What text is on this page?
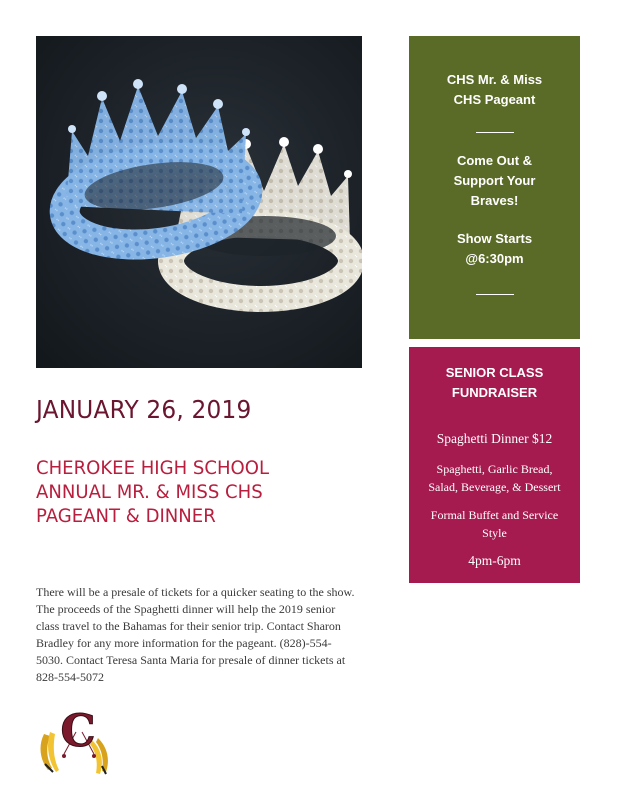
CHS Mr. & Miss
CHS Pageant
Come Out &
Support Your
Braves!
Show Starts
@6:30pm
SENIOR CLASS
FUNDRAISER
Spaghetti Dinner $12
Spaghetti, Garlic Bread,
Salad, Beverage, & Dessert
Formal Buffet and Service
Style
4pm-6pm
JANUARY 26, 2019
CHEROKEE HIGH SCHOOL
ANNUAL MR. & MISS CHS
PAGEANT & DINNER
There will be a presale of tickets for a quicker seating to the show.
The proceeds of the Spaghetti dinner will help the 2019 senior
class travel to the Bahamas for their senior trip. Contact Sharon
Bradley for any more information for the pageant. (828)-554-
5030. Contact Teresa Santa Maria for presale of dinner tickets at
828-554-5072
C
